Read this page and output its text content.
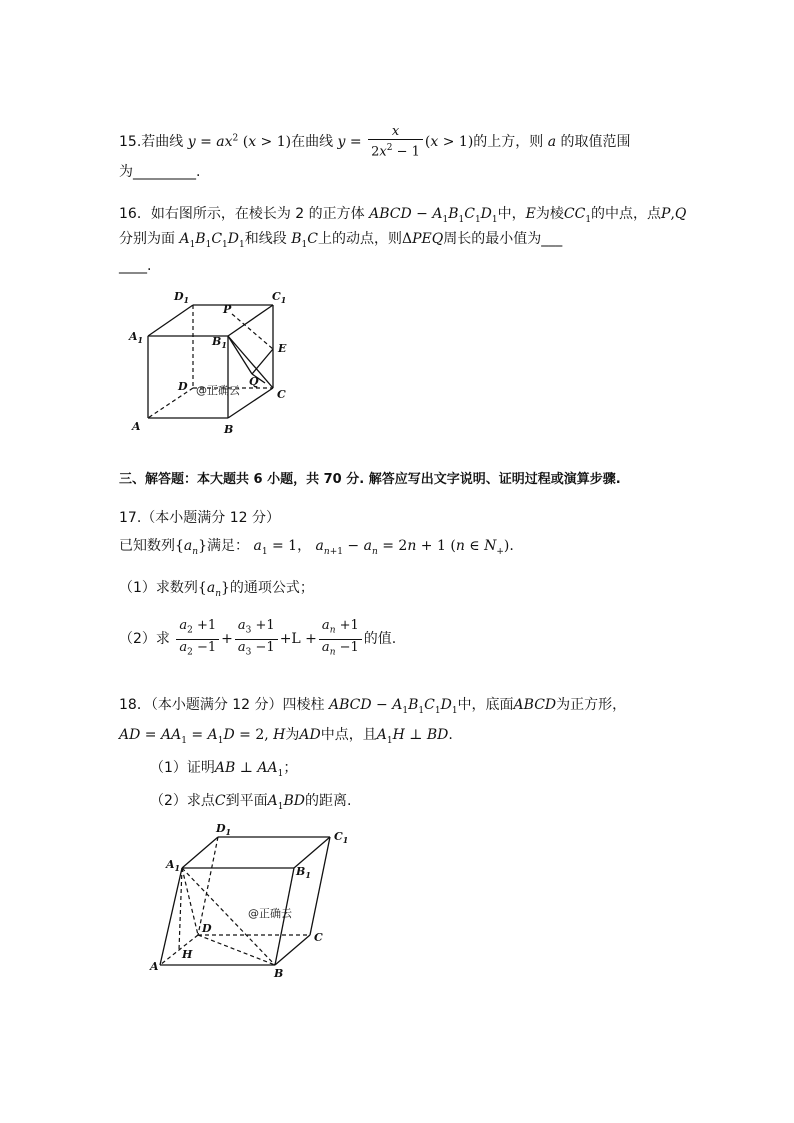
15.若曲线 $y = ax^2$ (x > 1)在曲线 $y = \frac{x}{2x^2 - 1} (x > 1)$的上方，则 a 的取值范围
为_________.
16．如右图所示，在棱长为 2 的正方体 ABCD − $A_1B_1C_1D_1$中，E为棱$CC_1$的中点，点P,Q
分别为面 $A_1B_1C_1D_1$和线段 $B_1C$上的动点，则ΔPEQ周长的最小值为___
____.
$D_1$	$C_1$
$A_1$	$B_1$
P
E
D	Q
C
A	B
@正确云
三、解答题：本大题共 6 小题，共 70 分. 解答应写出文字说明、证明过程或演算步骤.
17.（本小题满分 12 分）
已知数列$\{a_n\}$满足： $a_1 = 1$， $a_{n+1} - a_n = 2n + 1$ (n ∈ $N_+$).
（1）求数列$\{a_n\}$的通项公式；
（2）求 $\frac{a_2 +1}{a_2 -1} + \frac{a_3 +1}{a_3 -1} +L + \frac{a_n +1}{a_n -1}$ 的值.
18．（本小题满分 12 分）四棱柱 ABCD − $A_1B_1C_1D_1$中，底面ABCD为正方形，
AD = $AA_1 = A_1D = 2$, H为AD中点，且$A_1H$ ⊥ BD.
（1）证明AB ⊥ $AA_1$；
（2）求点C到平面$A_1BD$的距离.
$D_1$	$C_1$
$A_1$	$B_1$
D
C
H
A
B
@正确云
